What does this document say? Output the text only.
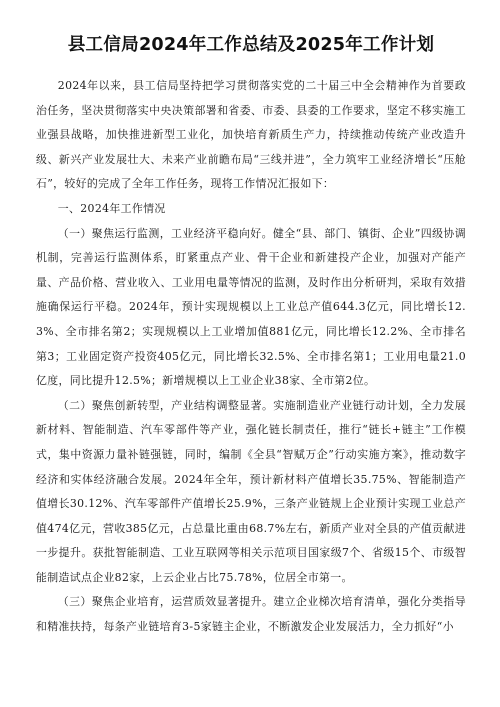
县工信局2024年工作总结及2025年工作计划

2024年以来，县工信局坚持把学习贯彻落实党的二十届三中全会精神作为首要政治任务，坚决贯彻落实中央决策部署和省委、市委、县委的工作要求，坚定不移实施工业强县战略，加快推进新型工业化，加快培育新质生产力，持续推动传统产业改造升级、新兴产业发展壮大、未来产业前瞻布局“三线并进”，全力筑牢工业经济增长“压舱石”，较好的完成了全年工作任务，现将工作情况汇报如下：

一、2024年工作情况

（一）聚焦运行监测，工业经济平稳向好。健全“县、部门、镇街、企业”四级协调机制，完善运行监测体系，盯紧重点产业、骨干企业和新建投产企业，加强对产能产量、产品价格、营业收入、工业用电量等情况的监测，及时作出分析研判，采取有效措施确保运行平稳。2024年，预计实现规模以上工业总产值644.3亿元，同比增长12.3%、全市排名第2；实现规模以上工业增加值881亿元，同比增长12.2%、全市排名第3；工业固定资产投资405亿元，同比增长32.5%、全市排名第1；工业用电量21.0亿度，同比提升12.5%；新增规模以上工业企业38家、全市第2位。

（二）聚焦创新转型，产业结构调整显著。实施制造业产业链行动计划，全力发展新材料、智能制造、汽车零部件等产业，强化链长制责任，推行“链长+链主”工作模式，集中资源力量补链强链，同时，编制《全县“智赋万企”行动实施方案》，推动数字经济和实体经济融合发展。2024年全年，预计新材料产值增长35.75%、智能制造产值增长30.12%、汽车零部件产值增长25.9%，三条产业链规上企业预计实现工业总产值474亿元，营收385亿元，占总量比重由68.7%左右，新质产业对全县的产值贡献进一步提升。获批智能制造、工业互联网等相关示范项目国家级7个、省级15个、市级智能制造试点企业82家，上云企业占比75.78%，位居全市第一。

（三）聚焦企业培育，运营质效显著提升。建立企业梯次培育清单，强化分类指导和精准扶持，每条产业链培育3-5家链主企业，不断激发企业发展活力，全力抓好“小
